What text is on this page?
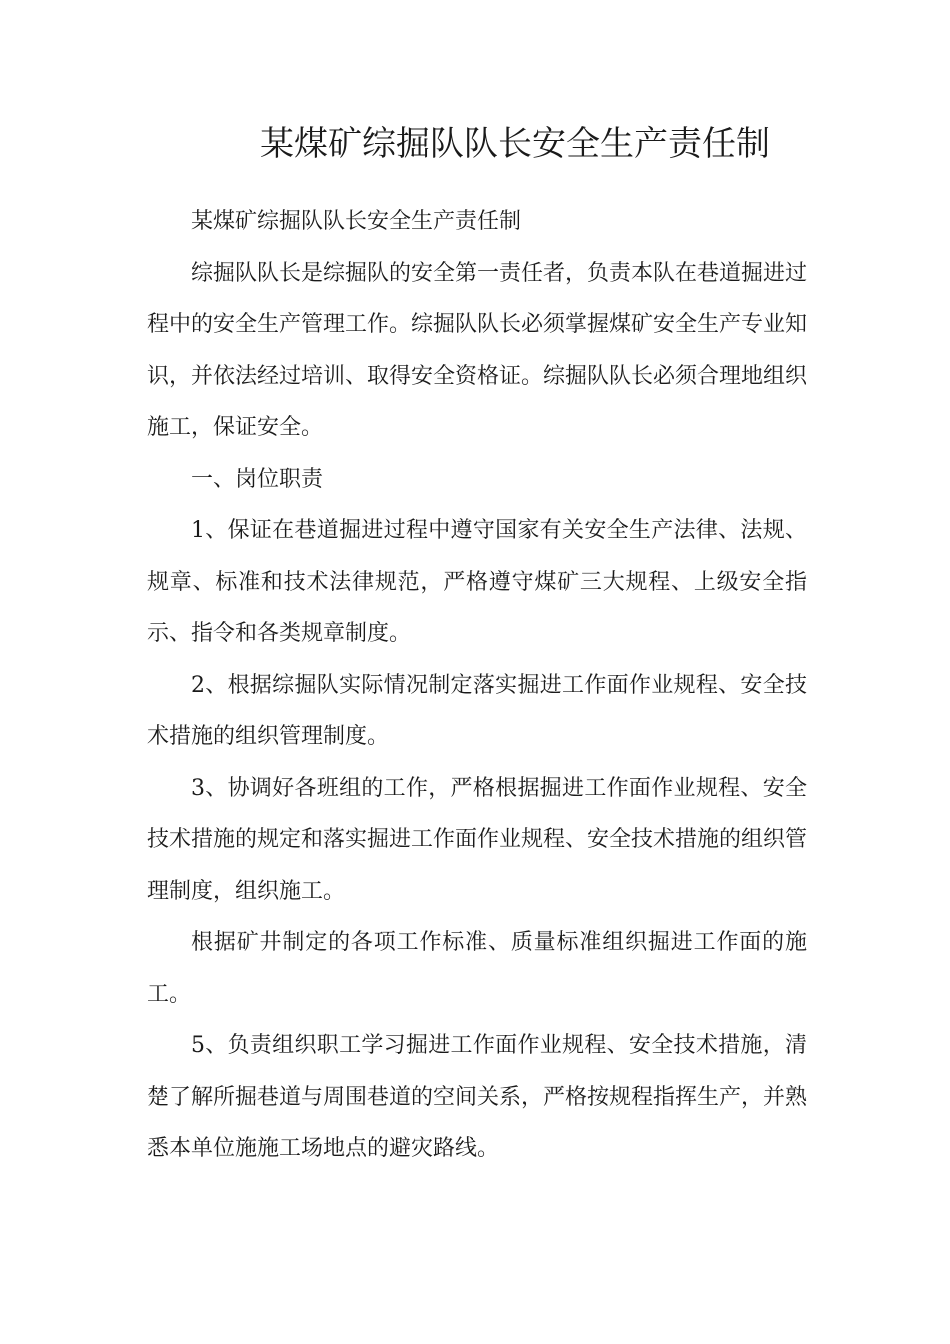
某煤矿综掘队队长安全生产责任制

某煤矿综掘队队长安全生产责任制

综掘队队长是综掘队的安全第一责任者，负责本队在巷道掘进过程中的安全生产管理工作。综掘队队长必须掌握煤矿安全生产专业知识，并依法经过培训、取得安全资格证。综掘队队长必须合理地组织施工，保证安全。

一、岗位职责

1、保证在巷道掘进过程中遵守国家有关安全生产法律、法规、规章、标准和技术法律规范，严格遵守煤矿三大规程、上级安全指示、指令和各类规章制度。

2、根据综掘队实际情况制定落实掘进工作面作业规程、安全技术措施的组织管理制度。

3、协调好各班组的工作，严格根据掘进工作面作业规程、安全技术措施的规定和落实掘进工作面作业规程、安全技术措施的组织管理制度，组织施工。

根据矿井制定的各项工作标准、质量标准组织掘进工作面的施工。

5、负责组织职工学习掘进工作面作业规程、安全技术措施，清楚了解所掘巷道与周围巷道的空间关系，严格按规程指挥生产，并熟悉本单位施施工场地点的避灾路线。
